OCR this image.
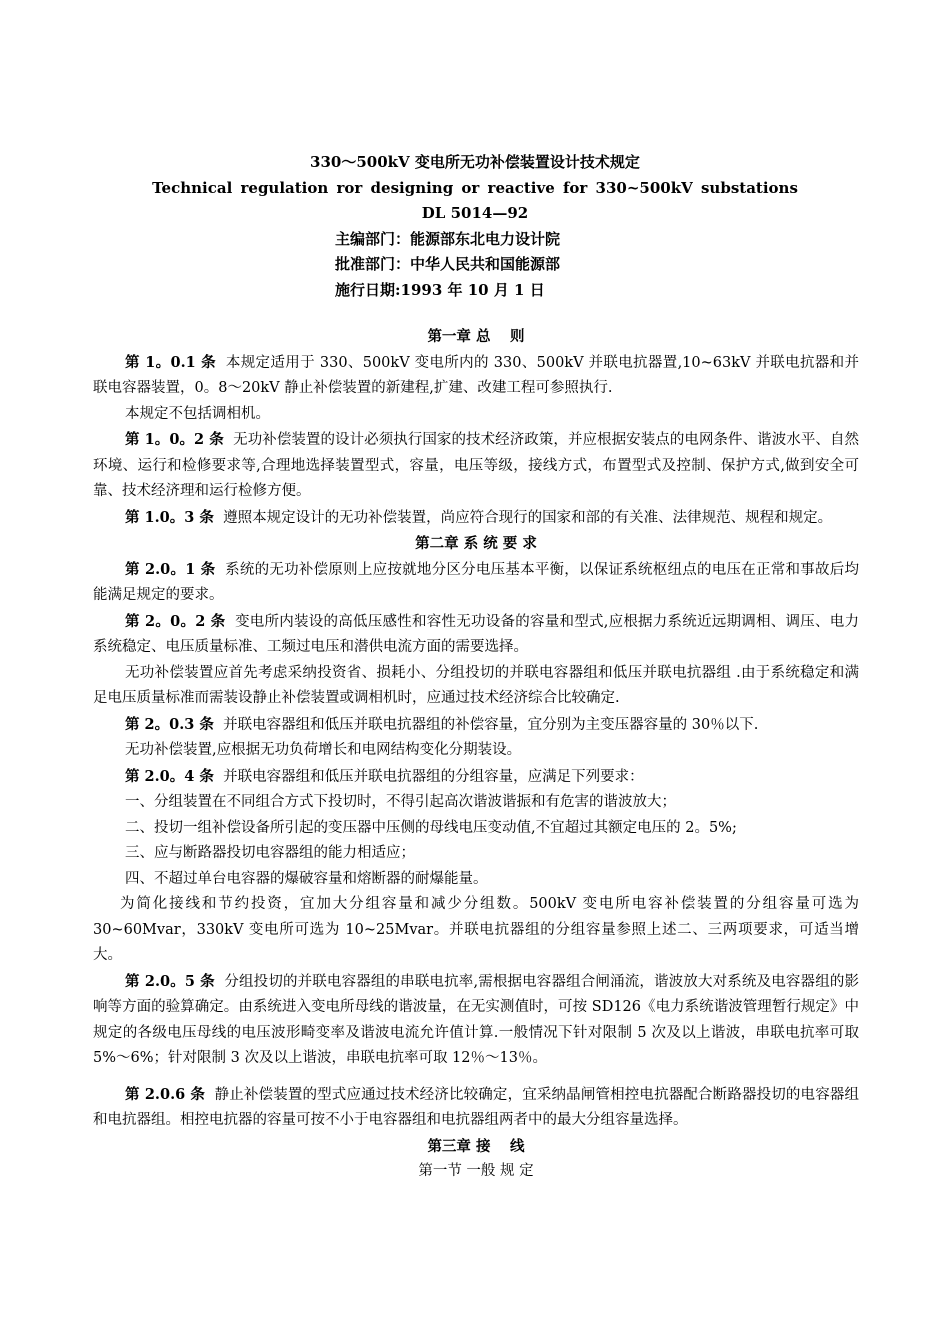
330～500kV 变电所无功补偿装置设计技术规定
Technical regulation ror designing or reactive for 330~500kV substations
DL 5014—92
主编部门：能源部东北电力设计院
批准部门：中华人民共和国能源部
施行日期:1993 年 10 月 1 日
第一章 总　 则

第 1。0.1 条 本规定适用于 330、500kV 变电所内的 330、500kV 并联电抗器置,10~63kV 并联电抗器和并联电容器装置，0。8～20kV 静止补偿装置的新建程,扩建、改建工程可参照执行.

本规定不包括调相机。

第 1。0。2 条 无功补偿装置的设计必须执行国家的技术经济政策，并应根据安装点的电网条件、谐波水平、自然环境、运行和检修要求等,合理地选择装置型式，容量，电压等级，接线方式，布置型式及控制、保护方式,做到安全可靠、技术经济理和运行检修方便。

第 1.0。3 条 遵照本规定设计的无功补偿装置，尚应符合现行的国家和部的有关准、法律规范、规程和规定。

第二章 系 统 要 求

第 2.0。1 条 系统的无功补偿原则上应按就地分区分电压基本平衡，以保证系统枢纽点的电压在正常和事故后均能满足规定的要求。

第 2。0。2 条 变电所内装设的高低压感性和容性无功设备的容量和型式,应根据力系统近远期调相、调压、电力系统稳定、电压质量标准、工频过电压和潜供电流方面的需要选择。

无功补偿装置应首先考虑采纳投资省、损耗小、分组投切的并联电容器组和低压并联电抗器组 .由于系统稳定和满足电压质量标准而需装设静止补偿装置或调相机时，应通过技术经济综合比较确定.

第 2。0.3 条 并联电容器组和低压并联电抗器组的补偿容量，宜分别为主变压器容量的 30％以下.

无功补偿装置,应根据无功负荷增长和电网结构变化分期装设。

第 2.0。4 条 并联电容器组和低压并联电抗器组的分组容量，应满足下列要求：

一、分组装置在不同组合方式下投切时，不得引起高次谐波谐振和有危害的谐波放大；

二、投切一组补偿设备所引起的变压器中压侧的母线电压变动值,不宜超过其额定电压的 2。5%;

三、应与断路器投切电容器组的能力相适应；

四、不超过单台电容器的爆破容量和熔断器的耐爆能量。

为简化接线和节约投资，宜加大分组容量和减少分组数。500kV 变电所电容补偿装置的分组容量可选为 30~60Mvar，330kV 变电所可选为 10~25Mvar。并联电抗器组的分组容量参照上述二、三两项要求，可适当增大。

第 2.0。5 条 分组投切的并联电容器组的串联电抗率,需根据电容器组合闸涌流，谐波放大对系统及电容器组的影响等方面的验算确定。由系统进入变电所母线的谐波量，在无实测值时，可按 SD126《电力系统谐波管理暂行规定》中规定的各级电压母线的电压波形畸变率及谐波电流允许值计算.一般情况下针对限制 5 次及以上谐波，串联电抗率可取 5%～6%；针对限制 3 次及以上谐波，串联电抗率可取 12％～13％。

第 2.0.6 条 静止补偿装置的型式应通过技术经济比较确定，宜采纳晶闸管相控电抗器配合断路器投切的电容器组和电抗器组。相控电抗器的容量可按不小于电容器组和电抗器组两者中的最大分组容量选择。

第三章 接　 线
第一节 一般 规 定
